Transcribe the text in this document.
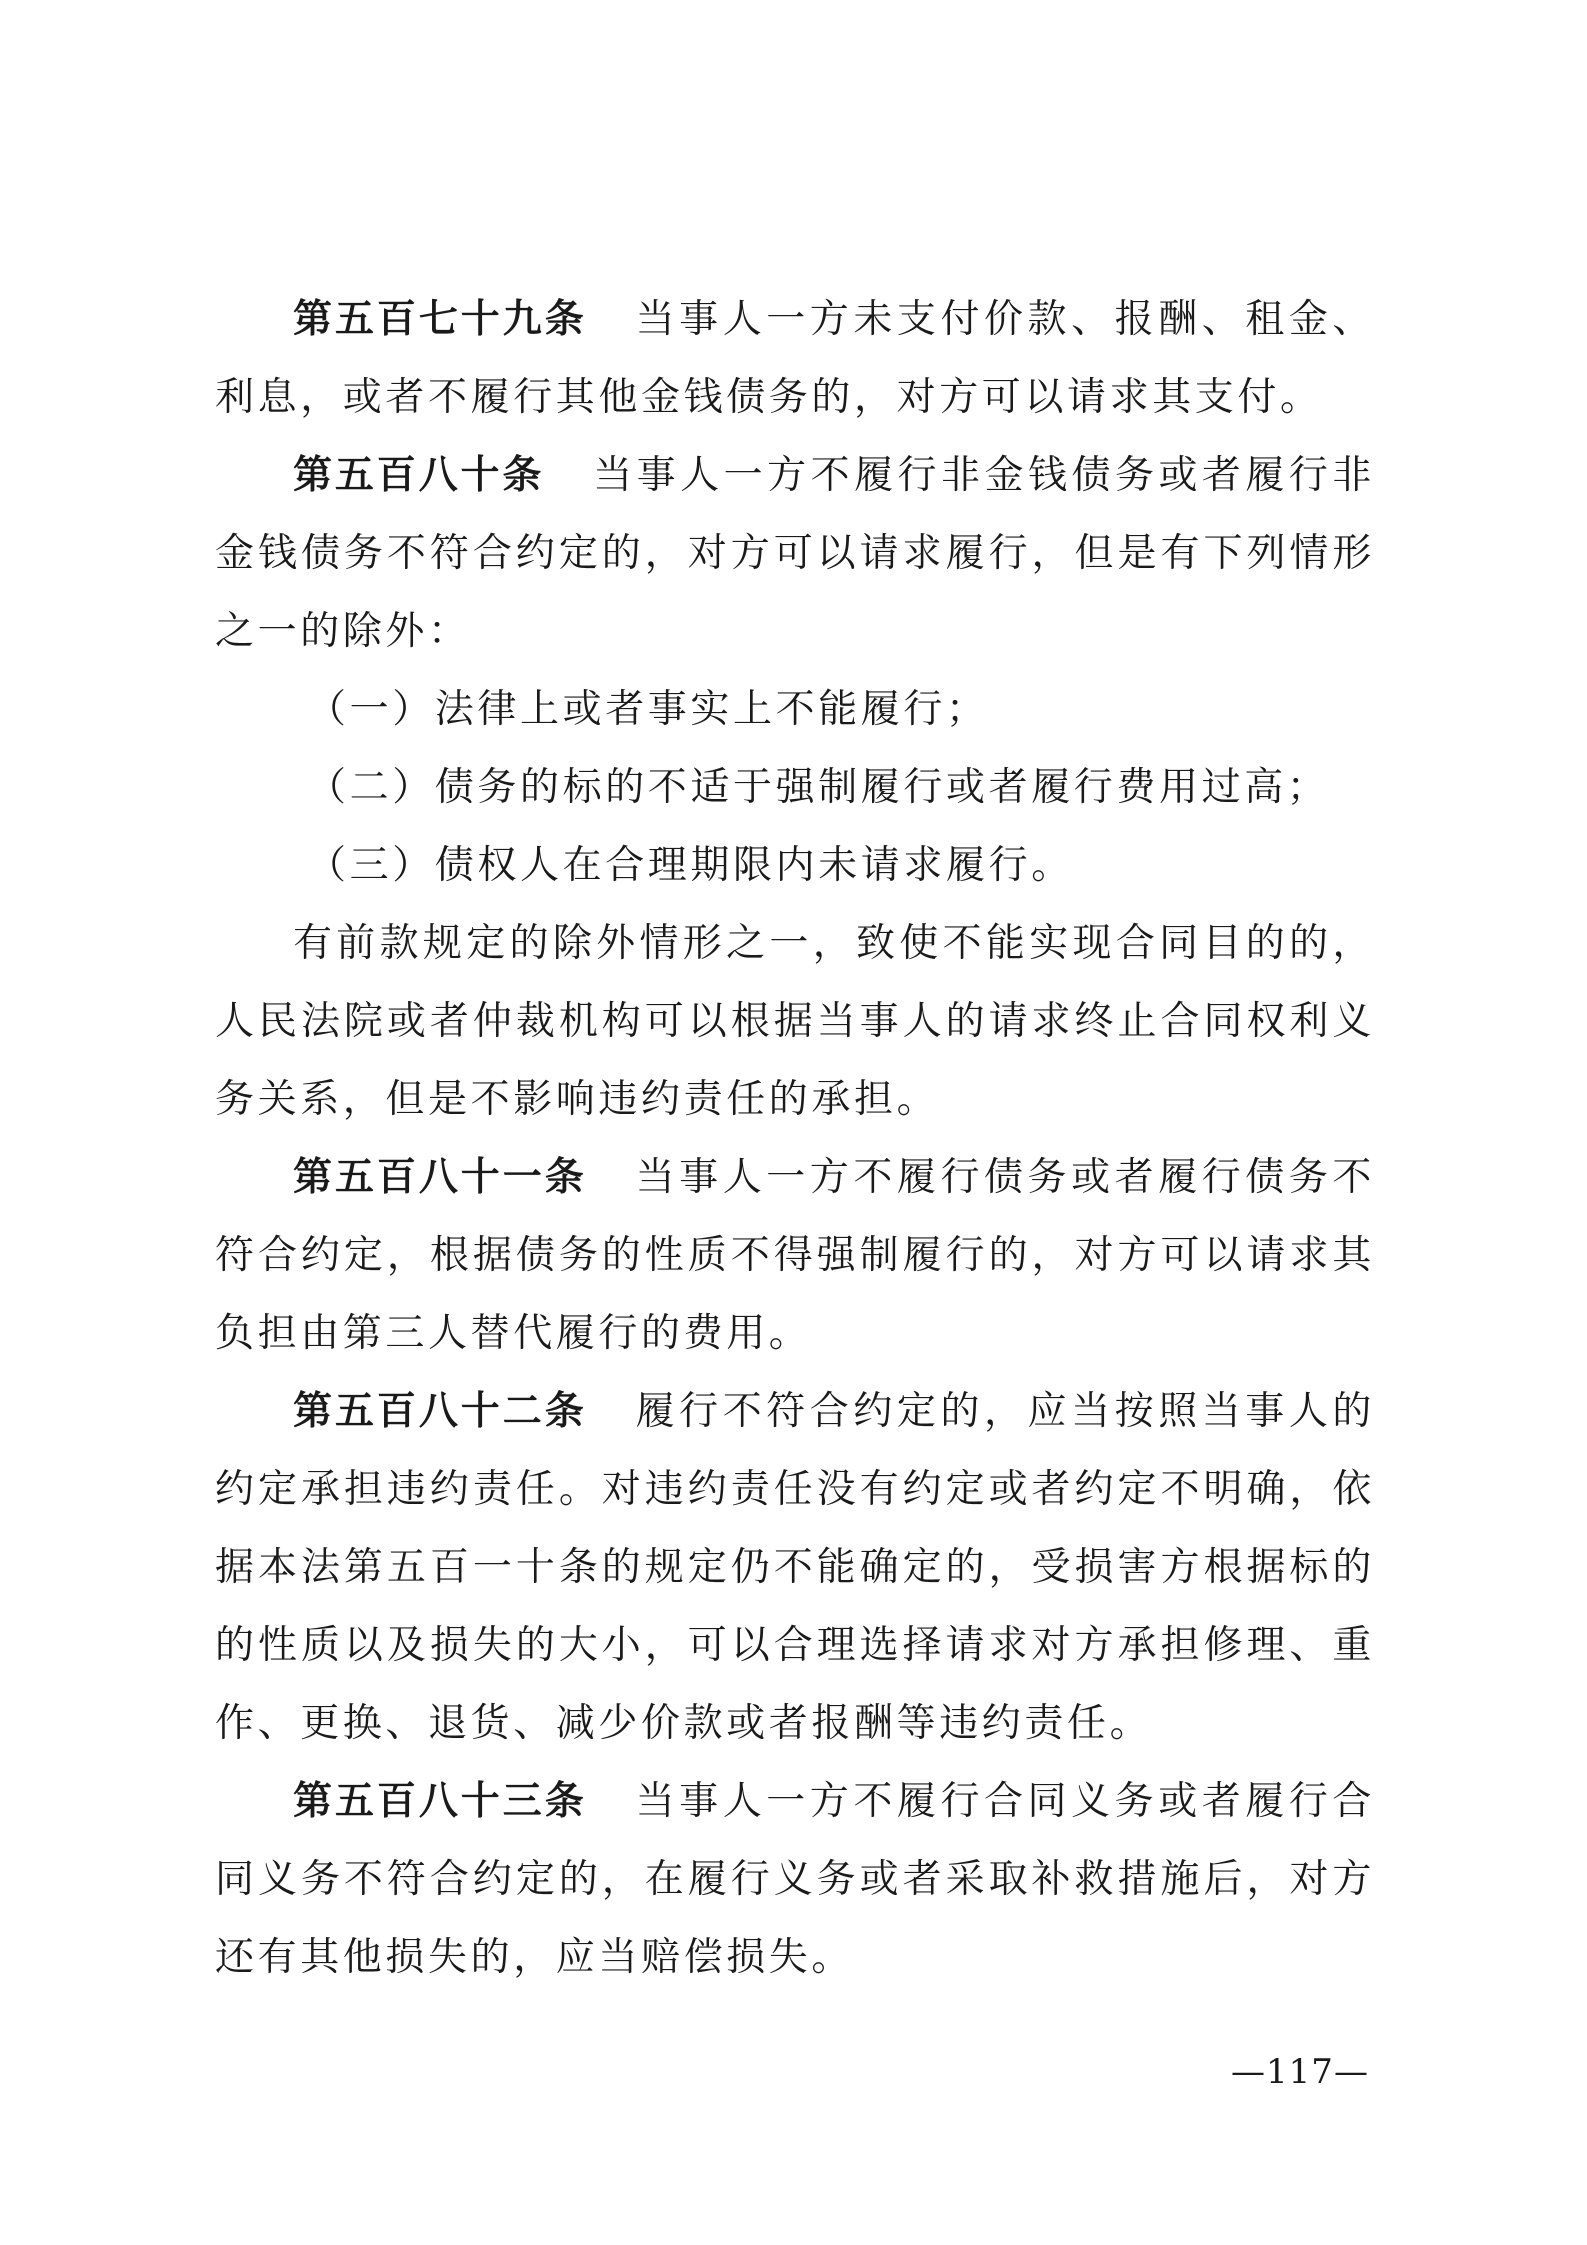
第五百七十九条 当事人一方未支付价款、报酬、租金、利息，或者不履行其他金钱债务的，对方可以请求其支付。

第五百八十条 当事人一方不履行非金钱债务或者履行非金钱债务不符合约定的，对方可以请求履行，但是有下列情形之一的除外：

（一）法律上或者事实上不能履行；

（二）债务的标的不适于强制履行或者履行费用过高；

（三）债权人在合理期限内未请求履行。

有前款规定的除外情形之一，致使不能实现合同目的的，人民法院或者仲裁机构可以根据当事人的请求终止合同权利义务关系，但是不影响违约责任的承担。

第五百八十一条 当事人一方不履行债务或者履行债务不符合约定，根据债务的性质不得强制履行的，对方可以请求其负担由第三人替代履行的费用。

第五百八十二条 履行不符合约定的，应当按照当事人的约定承担违约责任。对违约责任没有约定或者约定不明确，依据本法第五百一十条的规定仍不能确定的，受损害方根据标的的性质以及损失的大小，可以合理选择请求对方承担修理、重作、更换、退货、减少价款或者报酬等违约责任。

第五百八十三条 当事人一方不履行合同义务或者履行合同义务不符合约定的，在履行义务或者采取补救措施后，对方还有其他损失的，应当赔偿损失。

—117—
